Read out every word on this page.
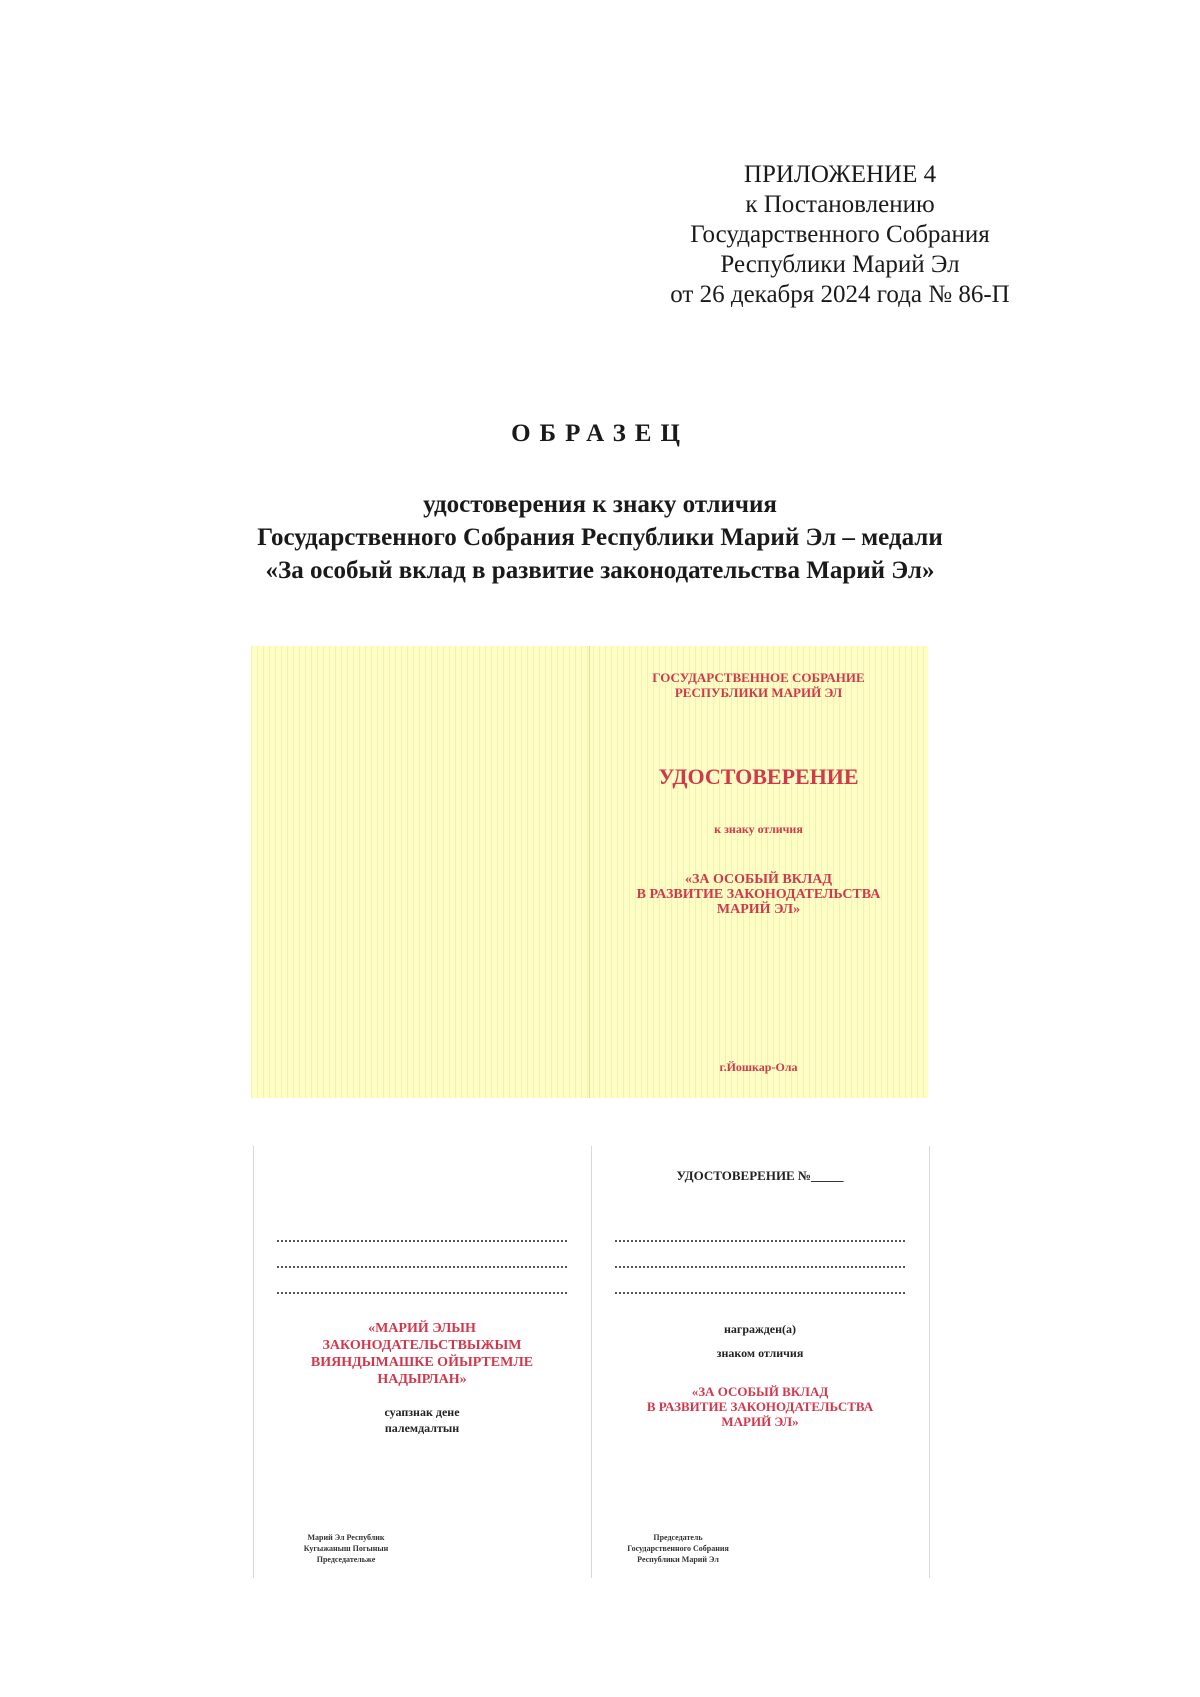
ПРИЛОЖЕНИЕ 4
к Постановлению
Государственного Собрания
Республики Марий Эл
от 26 декабря 2024 года № 86-П
ОБРАЗЕЦ
удостоверения к знаку отличия
Государственного Собрания Республики Марий Эл – медали
«За особый вклад в развитие законодательства Марий Эл»
ГОСУДАРСТВЕННОЕ СОБРАНИЕ
РЕСПУБЛИКИ МАРИЙ ЭЛ
УДОСТОВЕРЕНИЕ
к знаку отличия
«ЗА ОСОБЫЙ ВКЛАД
В РАЗВИТИЕ ЗАКОНОДАТЕЛЬСТВА
МАРИЙ ЭЛ»
г.Йошкар-Ола
«МАРИЙ ЭЛЫН
ЗАКОНОДАТЕЛЬСТВЫЖЫМ
ВИЯНДЫМАШКЕ ОЙЫРТЕМЛЕ
НАДЫРЛАН»
суапзнак дене
палемдалтын
Марий Эл Республик
Кугыжаныш Погынын
Председательже
УДОСТОВЕРЕНИЕ №_____
награжден(а)
знаком отличия
«ЗА ОСОБЫЙ ВКЛАД
В РАЗВИТИЕ ЗАКОНОДАТЕЛЬСТВА
МАРИЙ ЭЛ»
Председатель
Государственного Собрания
Республики Марий Эл
